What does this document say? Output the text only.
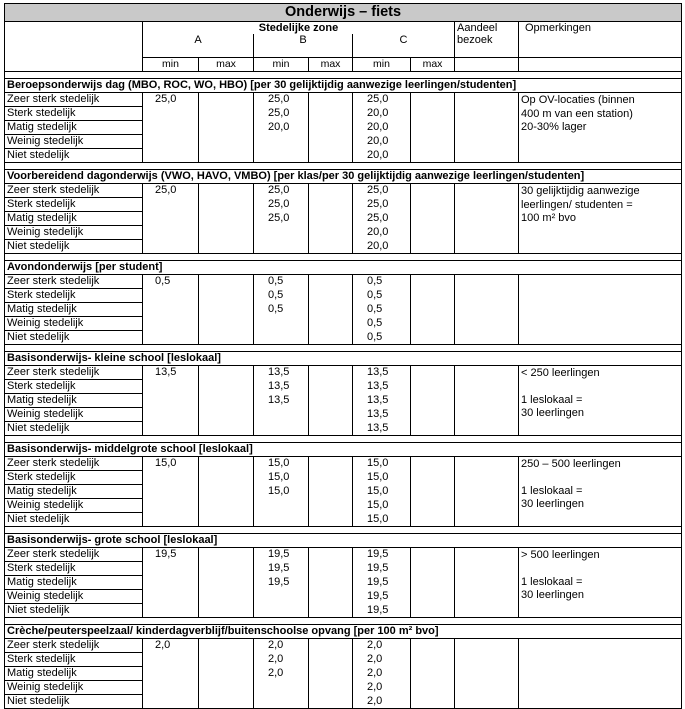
Onderwijs – fiets								
	Stedelijke zone						Aandeel bezoek	Opmerkingen
	A		B		C			
	min	max	min	max	min	max		

Beroepsonderwijs dag (MBO, ROC, WO, HBO) [per 30 gelijktijdig aanwezige leerlingen/studenten]								
Zeer sterk stedelijk	25,0		25,0		25,0			Op OV-locaties (binnen
400 m van een station)
20-30% lager

Sterk stedelijk			25,0		20,0			
Matig stedelijk			20,0		20,0			
Weinig stedelijk					20,0			
Niet stedelijk					20,0			

Voorbereidend dagonderwijs (VWO, HAVO, VMBO) [per klas/per 30 gelijktijdig aanwezige leerlingen/studenten]								
Zeer sterk stedelijk	25,0		25,0		25,0			30 gelijktijdig aanwezige
leerlingen/ studenten =
100 m² bvo

Sterk stedelijk			25,0		25,0			
Matig stedelijk			25,0		25,0			
Weinig stedelijk					20,0			
Niet stedelijk					20,0			

Avondonderwijs [per student]								
Zeer sterk stedelijk	0,5		0,5		0,5			
Sterk stedelijk			0,5		0,5			
Matig stedelijk			0,5		0,5			
Weinig stedelijk					0,5			
Niet stedelijk					0,5			

Basisonderwijs- kleine school [leslokaal]								
Zeer sterk stedelijk	13,5		13,5		13,5			< 250 leerlingen
1 leslokaal =
30 leerlingen

Sterk stedelijk			13,5		13,5			
Matig stedelijk			13,5		13,5			
Weinig stedelijk					13,5			
Niet stedelijk					13,5			

Basisonderwijs- middelgrote school [leslokaal]								
Zeer sterk stedelijk	15,0		15,0		15,0			250 – 500 leerlingen
1 leslokaal =
30 leerlingen

Sterk stedelijk			15,0		15,0			
Matig stedelijk			15,0		15,0			
Weinig stedelijk					15,0			
Niet stedelijk					15,0			

Basisonderwijs- grote school [leslokaal]								
Zeer sterk stedelijk	19,5		19,5		19,5			> 500 leerlingen
1 leslokaal =
30 leerlingen

Sterk stedelijk			19,5		19,5			
Matig stedelijk			19,5		19,5			
Weinig stedelijk					19,5			
Niet stedelijk					19,5			

Crèche/peuterspeelzaal/ kinderdagverblijf/buitenschoolse opvang [per 100 m² bvo]								
Zeer sterk stedelijk	2,0		2,0		2,0			
Sterk stedelijk			2,0		2,0			
Matig stedelijk			2,0		2,0			
Weinig stedelijk					2,0			
Niet stedelijk					2,0			
